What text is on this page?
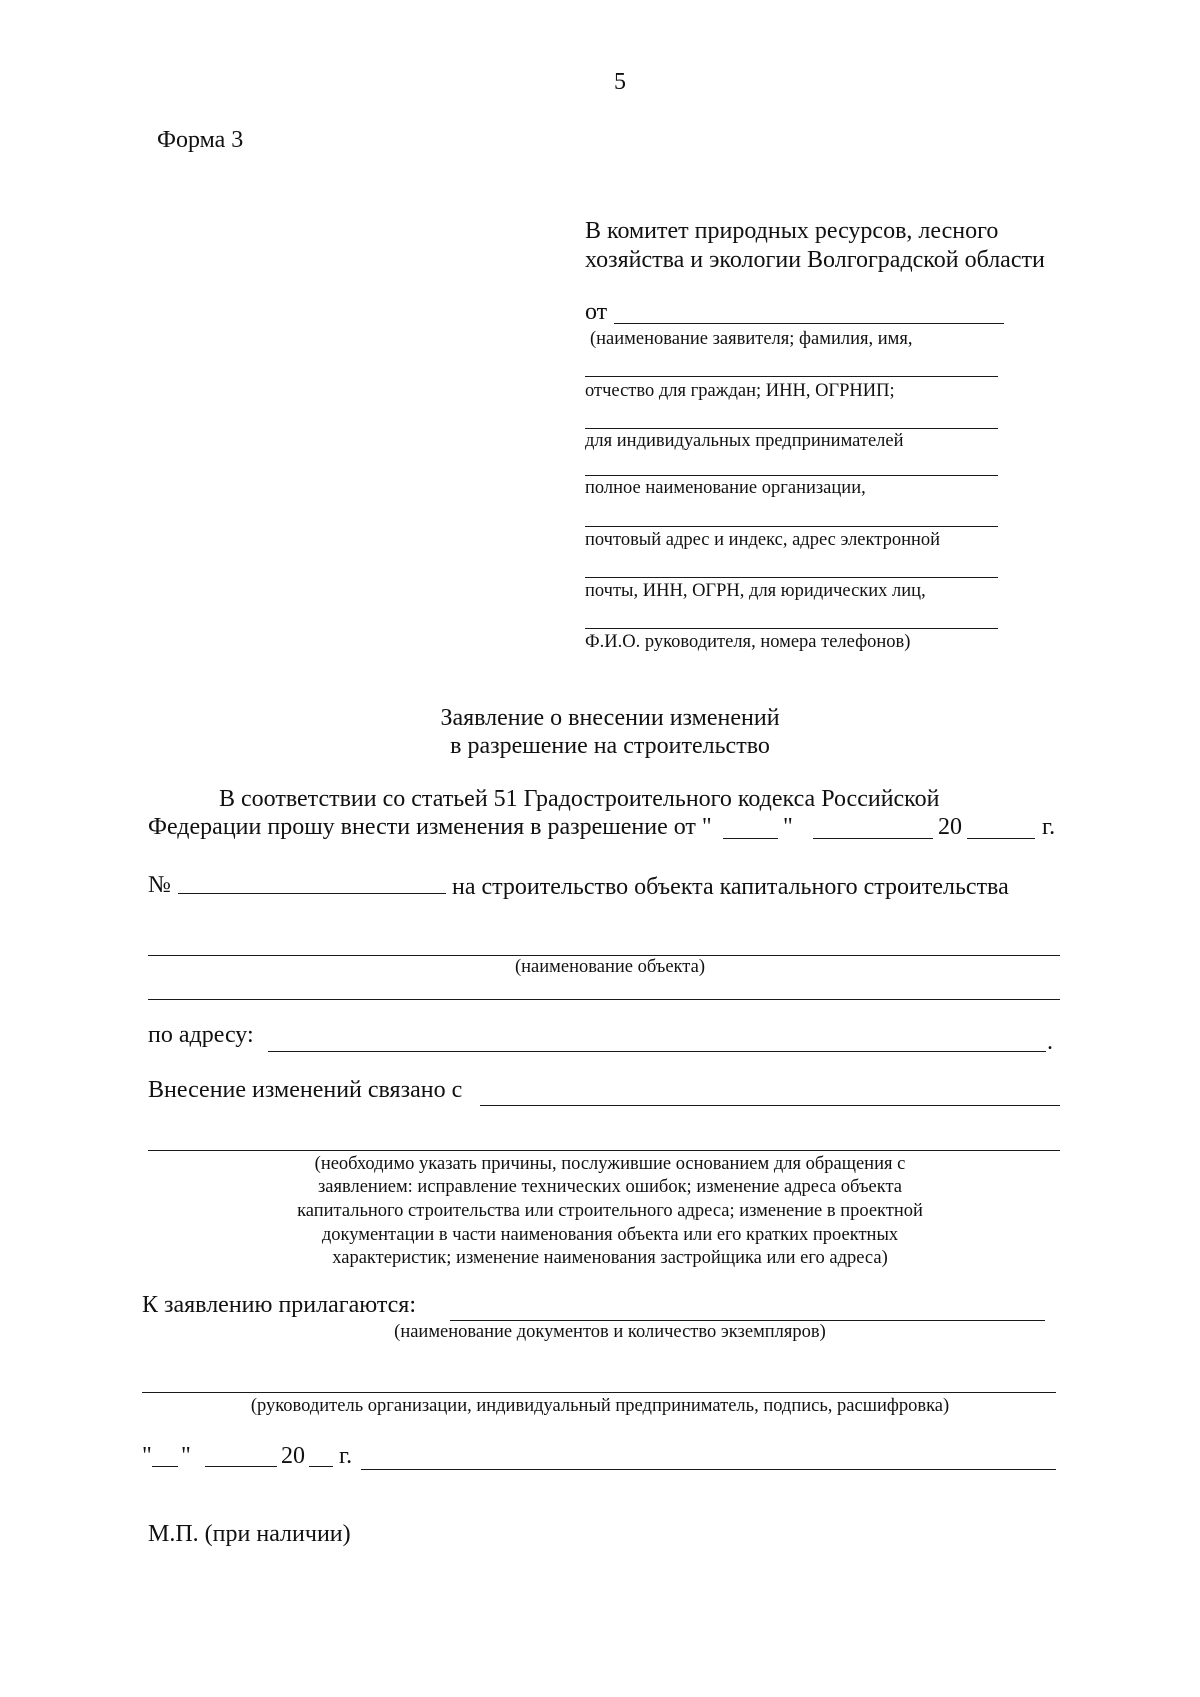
5
Форма 3
В комитет природных ресурсов, лесного
хозяйства и экологии Волгоградской области
от
(наименование заявителя; фамилия, имя,
отчество для граждан; ИНН, ОГРНИП;
для индивидуальных предпринимателей
полное наименование организации,
почтовый адрес и индекс, адрес электронной
почты, ИНН, ОГРН, для юридических лиц,
Ф.И.О. руководителя, номера телефонов)
Заявление о внесении изменений
в разрешение на строительство
В соответствии со статьей 51 Градостроительного кодекса Российской
Федерации прошу внести изменения в разрешение от "	"	20	г.
№	на строительство объекта капитального строительства
(наименование объекта)
по адресу:	.
Внесение изменений связано с
(необходимо указать причины, послужившие основанием для обращения с
заявлением: исправление технических ошибок; изменение адреса объекта
капитального строительства или строительного адреса; изменение в проектной
документации в части наименования объекта или его кратких проектных
характеристик; изменение наименования застройщика или его адреса)
К заявлению прилагаются:
(наименование документов и количество экземпляров)
(руководитель организации, индивидуальный предприниматель, подпись, расшифровка)
" "	20 г.
М.П. (при наличии)
